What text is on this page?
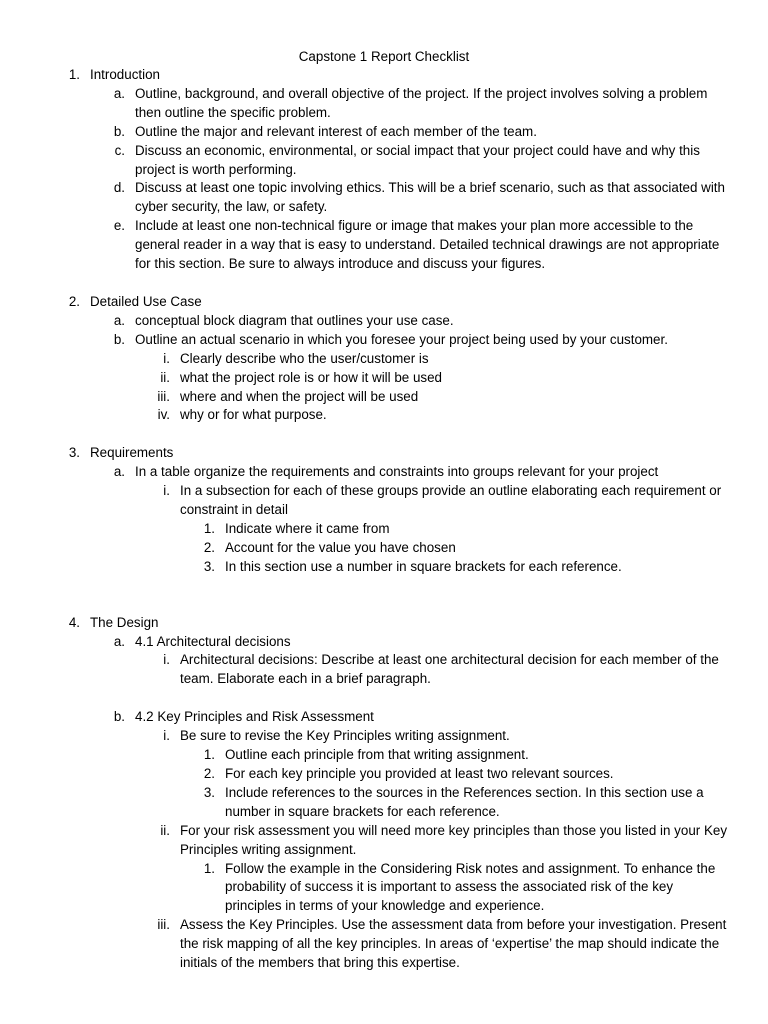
Capstone 1 Report Checklist
1. Introduction
a. Outline, background, and overall objective of the project. If the project involves solving a problem then outline the specific problem.
b. Outline the major and relevant interest of each member of the team.
c. Discuss an economic, environmental, or social impact that your project could have and why this project is worth performing.
d. Discuss at least one topic involving ethics. This will be a brief scenario, such as that associated with cyber security, the law, or safety.
e. Include at least one non-technical figure or image that makes your plan more accessible to the general reader in a way that is easy to understand. Detailed technical drawings are not appropriate for this section. Be sure to always introduce and discuss your figures.
2. Detailed Use Case
a. conceptual block diagram that outlines your use case.
b. Outline an actual scenario in which you foresee your project being used by your customer.
i. Clearly describe who the user/customer is
ii. what the project role is or how it will be used
iii. where and when the project will be used
iv. why or for what purpose.
3. Requirements
a. In a table organize the requirements and constraints into groups relevant for your project
i. In a subsection for each of these groups provide an outline elaborating each requirement or constraint in detail
1. Indicate where it came from
2. Account for the value you have chosen
3. In this section use a number in square brackets for each reference.
4. The Design
a. 4.1 Architectural decisions
i. Architectural decisions: Describe at least one architectural decision for each member of the team. Elaborate each in a brief paragraph.
b. 4.2 Key Principles and Risk Assessment
i. Be sure to revise the Key Principles writing assignment.
1. Outline each principle from that writing assignment.
2. For each key principle you provided at least two relevant sources.
3. Include references to the sources in the References section. In this section use a number in square brackets for each reference.
ii. For your risk assessment you will need more key principles than those you listed in your Key Principles writing assignment.
1. Follow the example in the Considering Risk notes and assignment. To enhance the probability of success it is important to assess the associated risk of the key principles in terms of your knowledge and experience.
iii. Assess the Key Principles. Use the assessment data from before your investigation. Present the risk mapping of all the key principles. In areas of ‘expertise’ the map should indicate the initials of the members that bring this expertise.
